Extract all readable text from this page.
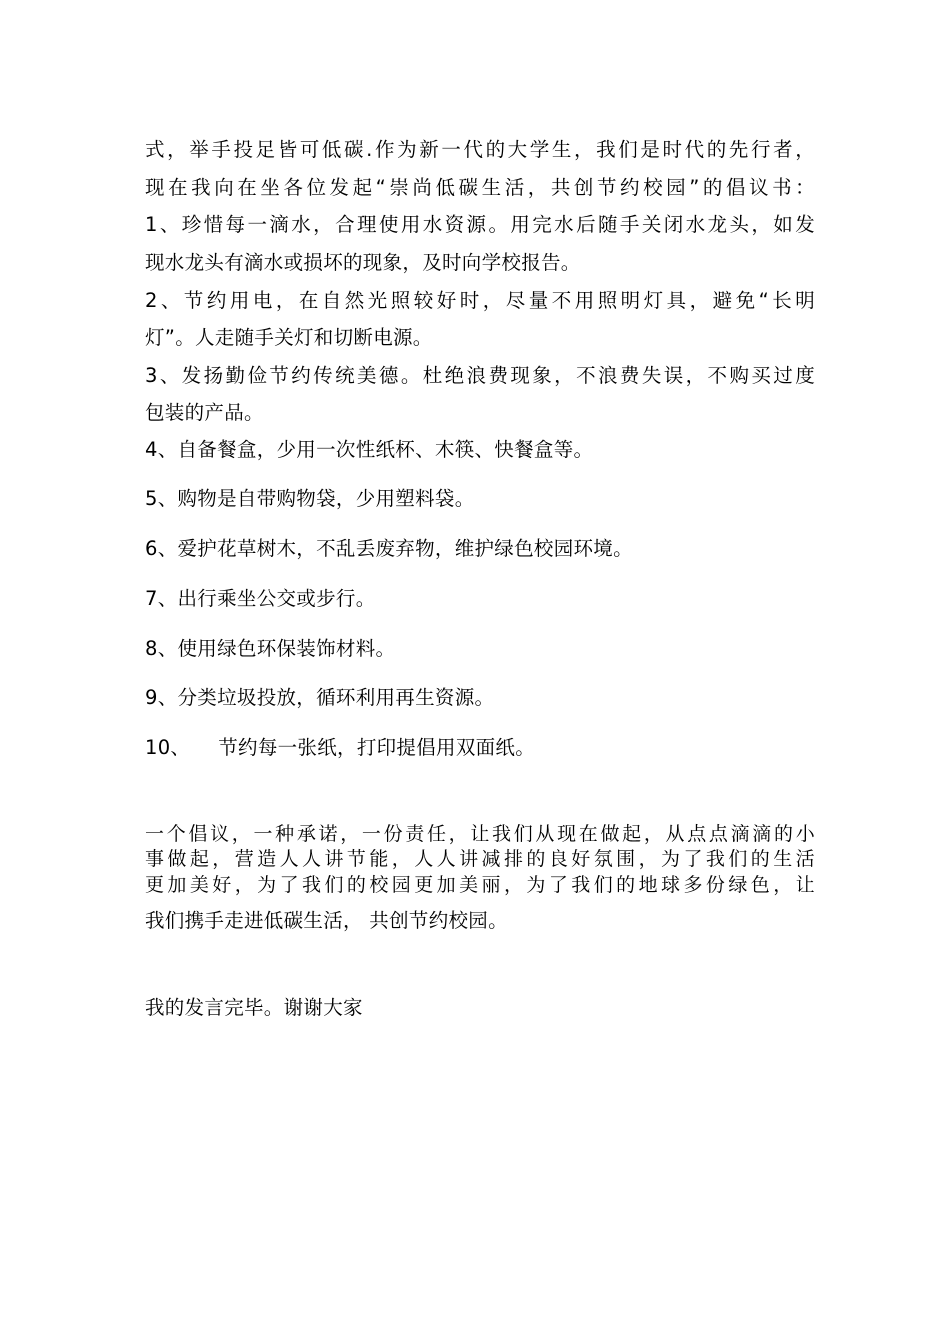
式，举手投足皆可低碳.作为新一代的大学生，我们是时代的先行者，
现在我向在坐各位发起“崇尚低碳生活，共创节约校园”的倡议书：
1、珍惜每一滴水，合理使用水资源。用完水后随手关闭水龙头，如发
现水龙头有滴水或损坏的现象，及时向学校报告。
2、节约用电，在自然光照较好时，尽量不用照明灯具，避免“长明
灯”。人走随手关灯和切断电源。
3、发扬勤俭节约传统美德。杜绝浪费现象，不浪费失误，不购买过度
包装的产品。
4、自备餐盒，少用一次性纸杯、木筷、快餐盒等。
5、购物是自带购物袋，少用塑料袋。
6、爱护花草树木，不乱丢废弃物，维护绿色校园环境。
7、出行乘坐公交或步行。
8、使用绿色环保装饰材料。
9、分类垃圾投放，循环利用再生资源。
10、 节约每一张纸，打印提倡用双面纸。
一个倡议，一种承诺，一份责任，让我们从现在做起，从点点滴滴的小
事做起，营造人人讲节能，人人讲减排的良好氛围，为了我们的生活
更加美好，为了我们的校园更加美丽，为了我们的地球多份绿色，让
我们携手走进低碳生活， 共创节约校园。
我的发言完毕。谢谢大家
